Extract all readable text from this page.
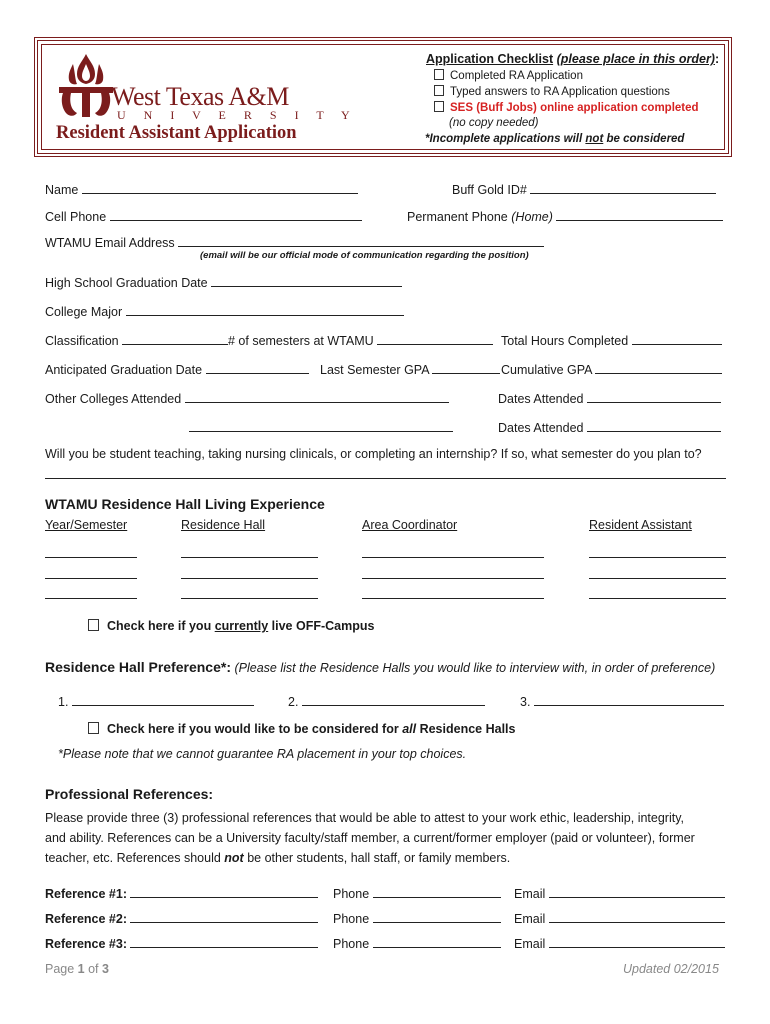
West Texas A&M
U N I V E R S I T Y
Resident Assistant Application
Application Checklist (please place in this order):
Completed RA Application
Typed answers to RA Application questions
SES (Buff Jobs) online application completed
(no copy needed)
*Incomplete applications will not be considered
Name	Buff Gold ID#
Cell Phone	Permanent Phone (Home)
WTAMU Email Address
(email will be our official mode of communication regarding the position)
High School Graduation Date
College Major
Classification	# of semesters at WTAMU	Total Hours Completed
Anticipated Graduation Date	Last Semester GPA	Cumulative GPA
Other Colleges Attended	Dates Attended
Dates Attended
Will you be student teaching, taking nursing clinicals, or completing an internship? If so, what semester do you plan to?
WTAMU Residence Hall Living Experience
Year/Semester	Residence Hall	Area Coordinator	Resident Assistant
Check here if you currently live OFF-Campus
Residence Hall Preference*: (Please list the Residence Halls you would like to interview with, in order of preference)
1.	2.	3.
Check here if you would like to be considered for all Residence Halls
*Please note that we cannot guarantee RA placement in your top choices.
Professional References:
Please provide three (3) professional references that would be able to attest to your work ethic, leadership, integrity,
and ability. References can be a University faculty/staff member, a current/former employer (paid or volunteer), former
teacher, etc. References should not be other students, hall staff, or family members.
Reference #1:	Phone	Email
Reference #2:	Phone	Email
Reference #3:	Phone	Email
Page 1 of 3	Updated 02/2015
